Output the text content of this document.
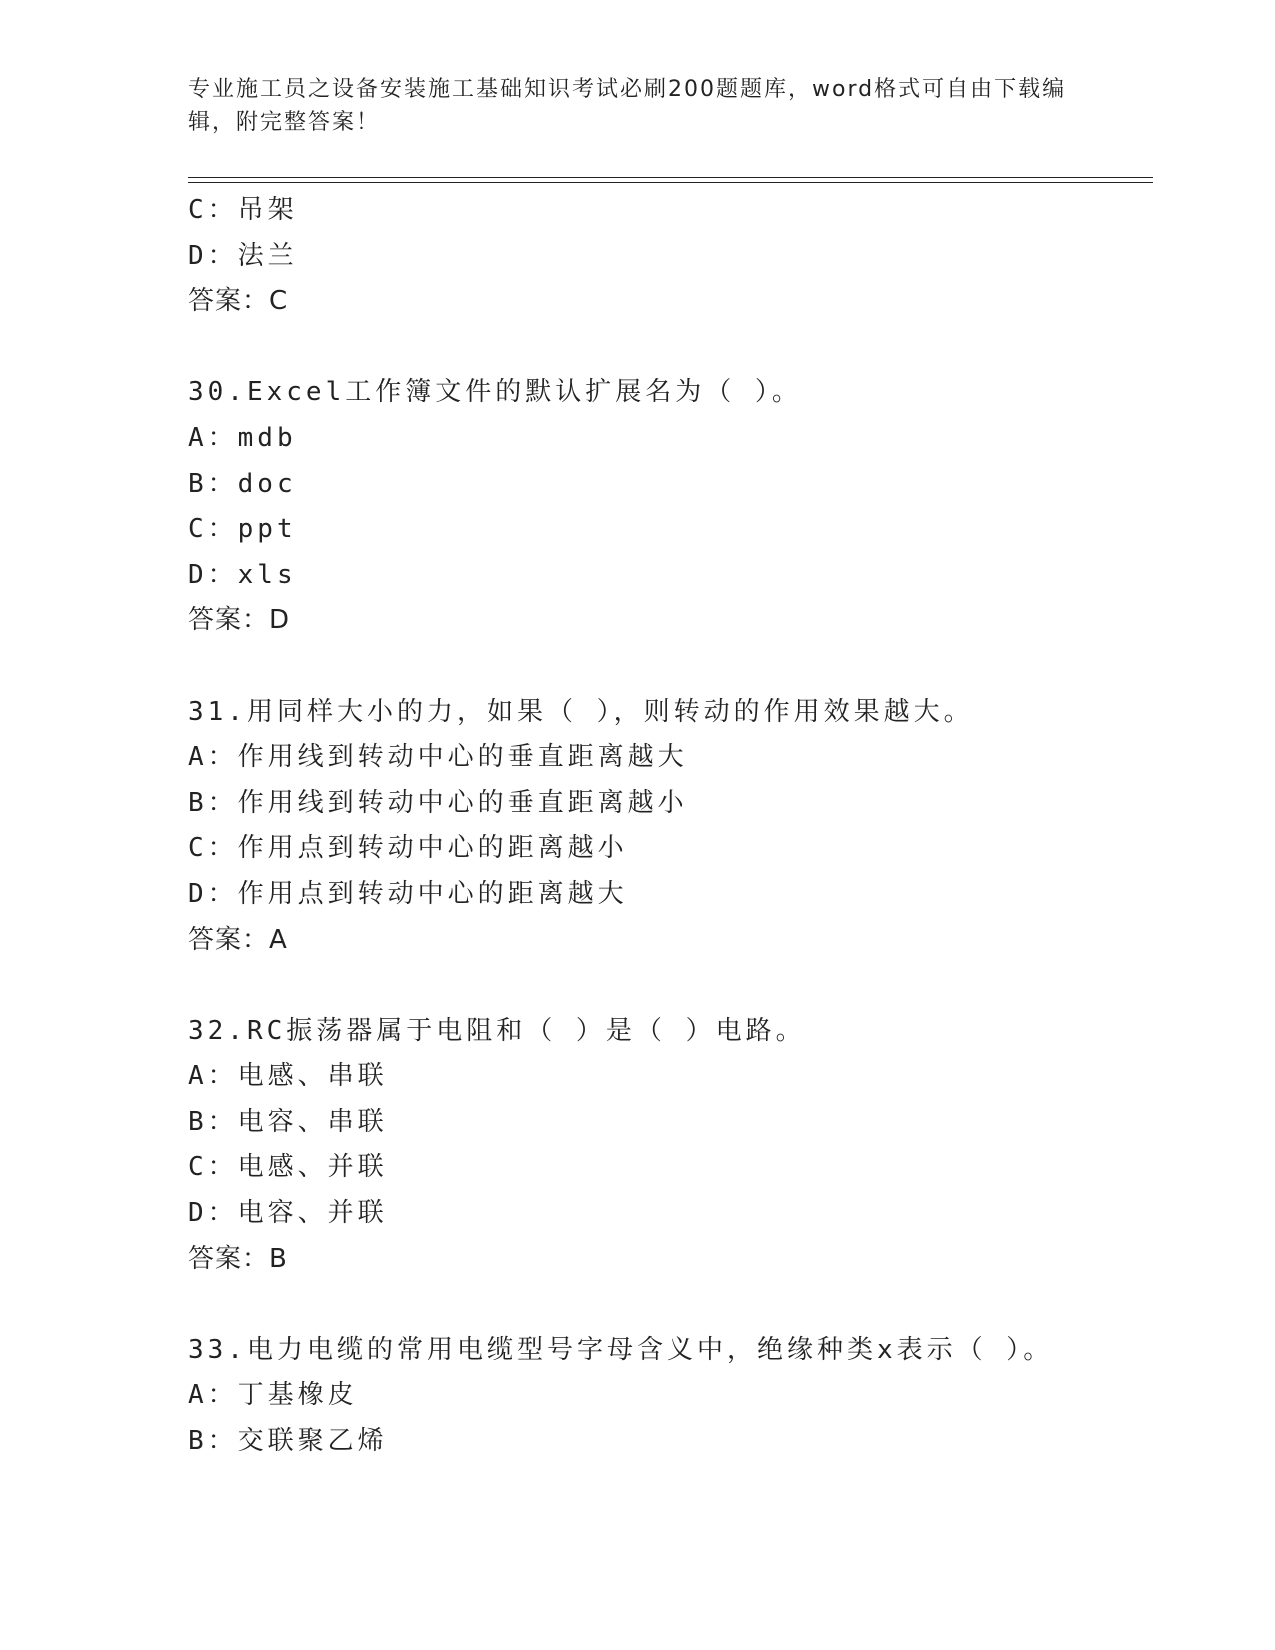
专业施工员之设备安装施工基础知识考试必刷200题题库，word格式可自由下载编辑，附完整答案！
C：吊架
D：法兰
答案：C
30.Excel工作簿文件的默认扩展名为（ ）。
A：mdb
B：doc
C：ppt
D：xls
答案：D
31.用同样大小的力，如果（ ），则转动的作用效果越大。
A：作用线到转动中心的垂直距离越大
B：作用线到转动中心的垂直距离越小
C：作用点到转动中心的距离越小
D：作用点到转动中心的距离越大
答案：A
32.RC振荡器属于电阻和（ ）是（ ）电路。
A：电感、串联
B：电容、串联
C：电感、并联
D：电容、并联
答案：B
33.电力电缆的常用电缆型号字母含义中，绝缘种类x表示（ ）。
A：丁基橡皮
B：交联聚乙烯
